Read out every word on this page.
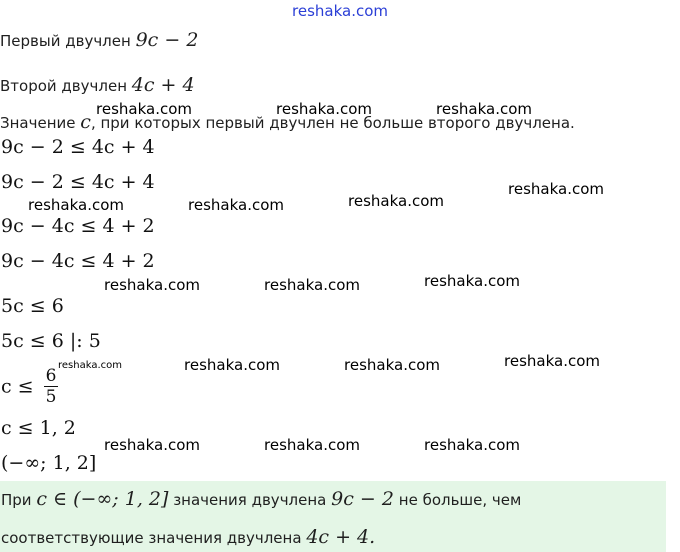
reshaka.com
Первый двучлен 9c − 2
Второй двучлен 4c + 4
Значение c, при которых первый двучлен не больше второго двучлена.
9c − 2 ≤ 4c + 4
9c − 2 ≤ 4c + 4
9c − 4c ≤ 4 + 2
9c − 4c ≤ 4 + 2
5c ≤ 6
5c ≤ 6 |: 5
$c \le \frac{6}{5}$
c ≤ 1, 2
(−∞; 1, 2]
При c ∈ (−∞; 1, 2] значения двучлена 9c − 2 не больше, чем
соответствующие значения двучлена 4c + 4.
reshaka.com	reshaka.com	reshaka.com
reshaka.com
reshaka.com
reshaka.com	reshaka.com
reshaka.com
reshaka.com	reshaka.com
reshaka.com
reshaka.com	reshaka.com	reshaka.com
reshaka.com	reshaka.com	reshaka.com
